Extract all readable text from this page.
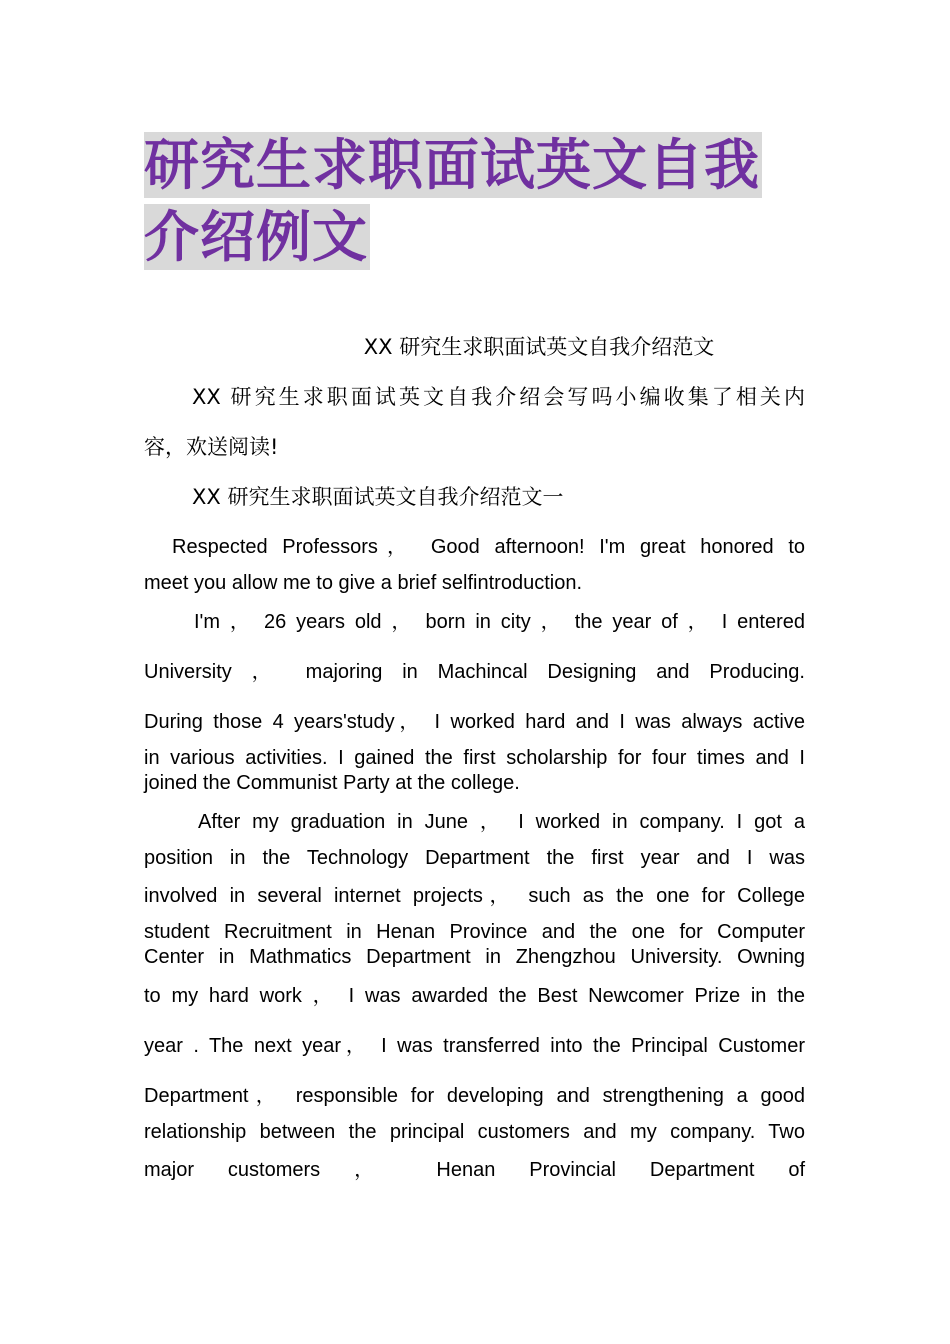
研究生求职面试英文自我
介绍例文
XX 研究生求职面试英文自我介绍范文
XX 研究生求职面试英文自我介绍会写吗小编收集了相关内
容，欢送阅读!
XX 研究生求职面试英文自我介绍范文一
Respected Professors， Good afternoon! I'm great honored to
meet you allow me to give a brief selfintroduction.
I'm ， 26 years old ， born in city ， the year of ， I entered
University ， majoring in Machincal Designing and Producing.
During those 4 years'study， I worked hard and I was always active
in various activities. I gained the first scholarship for four times and I
joined the Communist Party at the college.
After my graduation in June ， I worked in company. I got a
position in the Technology Department the first year and I was
involved in several internet projects， such as the one for College
student Recruitment in Henan Province and the one for Computer
Center in Mathmatics Department in Zhengzhou University. Owning
to my hard work ， I was awarded the Best Newcomer Prize in the
year . The next year， I was transferred into the Principal Customer
Department， responsible for developing and strengthening a good
relationship between the principal customers and my company. Two
major customers ， Henan Provincial Department of
